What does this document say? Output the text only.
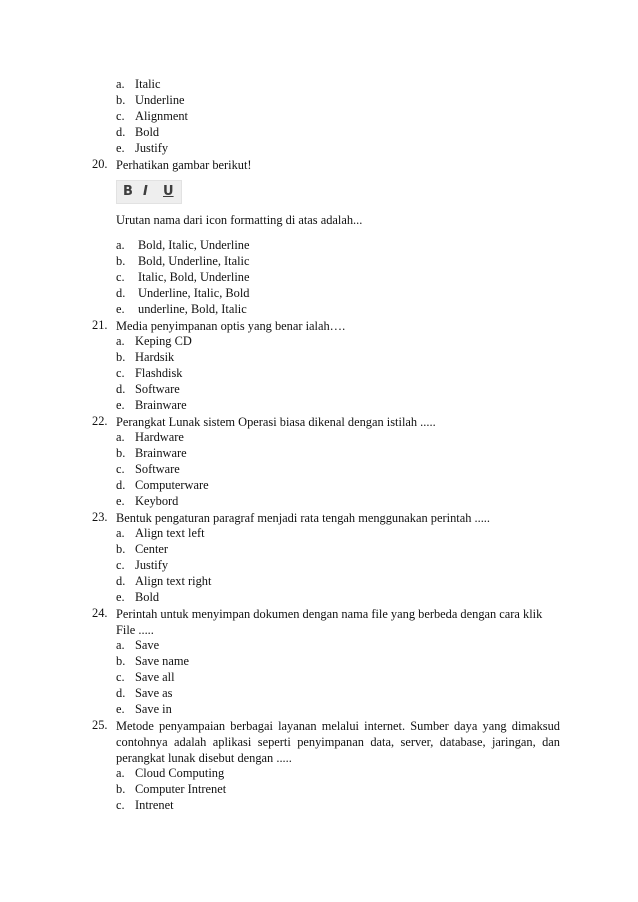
a. Italic
b. Underline
c. Alignment
d. Bold
e. Justify
20. Perhatikan gambar berikut!
B I U
Urutan nama dari icon formatting di atas adalah...
a. Bold, Italic, Underline
b. Bold, Underline, Italic
c. Italic, Bold, Underline
d. Underline, Italic, Bold
e. underline, Bold, Italic
21. Media penyimpanan optis yang benar ialah….
a. Keping CD
b. Hardsik
c. Flashdisk
d. Software
e. Brainware
22. Perangkat Lunak sistem Operasi biasa dikenal dengan istilah .....
a. Hardware
b. Brainware
c. Software
d. Computerware
e. Keybord
23. Bentuk pengaturan paragraf menjadi rata tengah menggunakan perintah .....
a. Align text left
b. Center
c. Justify
d. Align text right
e. Bold
24. Perintah untuk menyimpan dokumen dengan nama file yang berbeda dengan cara klik
File .....
a. Save
b. Save name
c. Save all
d. Save as
e. Save in
25. Metode penyampaian berbagai layanan melalui internet. Sumber daya yang dimaksud
contohnya adalah aplikasi seperti penyimpanan data, server, database, jaringan, dan
perangkat lunak disebut dengan .....
a. Cloud Computing
b. Computer Intrenet
c. Intrenet
